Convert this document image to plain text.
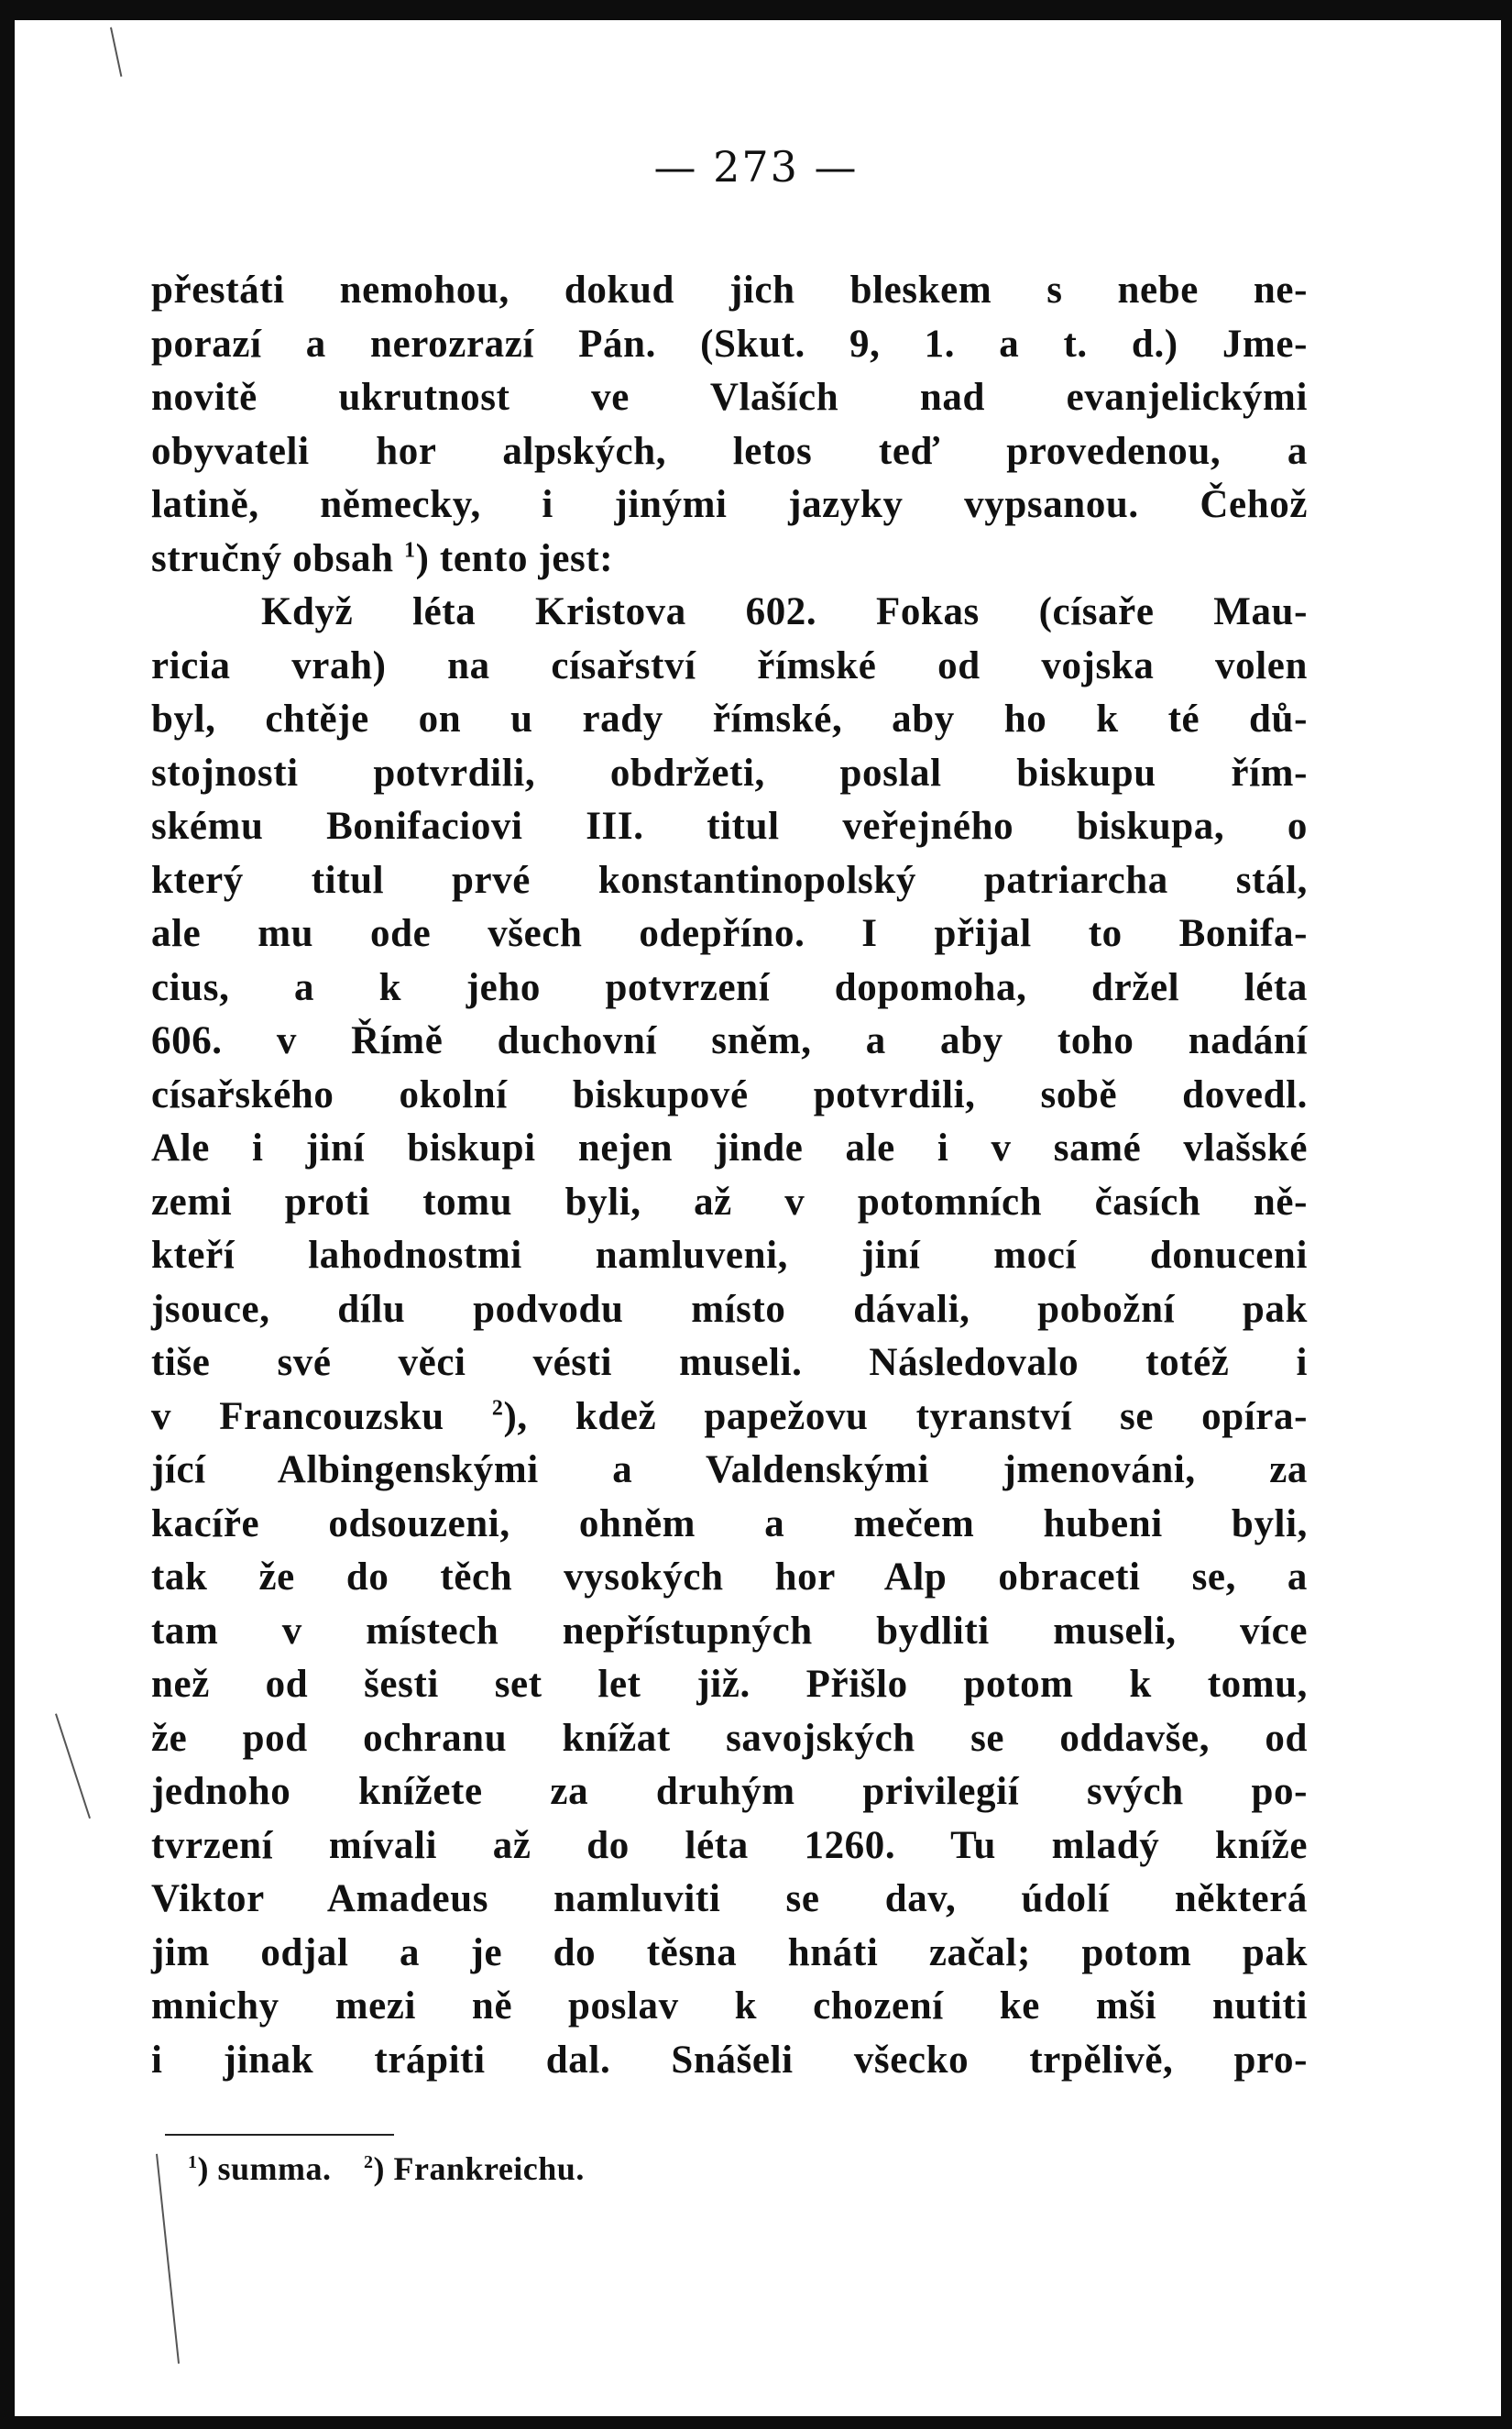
— 273 —
přestáti nemohou, dokud jich bleskem s nebe ne-
porazí a nerozrazí Pán. (Skut. 9, 1. a t. d.) Jme-
novitě ukrutnost ve Vlaších nad evanjelickými
obyvateli hor alpských, letos teď provedenou, a
latině, německy, i jinými jazyky vypsanou. Čehož
stručný obsah $^1$) tento jest:
Když léta Kristova 602. Fokas (císaře Mau-
ricia vrah) na císařství římské od vojska volen
byl, chtěje on u rady římské, aby ho k té dů-
stojnosti potvrdili, obdržeti, poslal biskupu řím-
skému Bonifaciovi III. titul veřejného biskupa, o
který titul prvé konstantinopolský patriarcha stál,
ale mu ode všech odepříno. I přijal to Bonifa-
cius, a k jeho potvrzení dopomoha, držel léta
606. v Římě duchovní sněm, a aby toho nadání
císařského okolní biskupové potvrdili, sobě dovedl.
Ale i jiní biskupi nejen jinde ale i v samé vlašské
zemi proti tomu byli, až v potomních časích ně-
kteří lahodnostmi namluveni, jiní mocí donuceni
jsouce, dílu podvodu místo dávali, pobožní pak
tiše své věci vésti museli. Následovalo totéž i
v Francouzsku $^2$), kdež papežovu tyranství se opíra-
jící Albingenskými a Valdenskými jmenováni, za
kacíře odsouzeni, ohněm a mečem hubeni byli,
tak že do těch vysokých hor Alp obraceti se, a
tam v místech nepřístupných bydliti museli, více
než od šesti set let již. Přišlo potom k tomu,
že pod ochranu knížat savojských se oddavše, od
jednoho knížete za druhým privilegií svých po-
tvrzení mívali až do léta 1260. Tu mladý kníže
Viktor Amadeus namluviti se dav, údolí některá
jim odjal a je do těsna hnáti začal; potom pak
mnichy mezi ně poslav k chození ke mši nutiti
i jinak trápiti dal. Snášeli všecko trpělivě, pro-
$^1$) summa. $^2$) Frankreichu.
